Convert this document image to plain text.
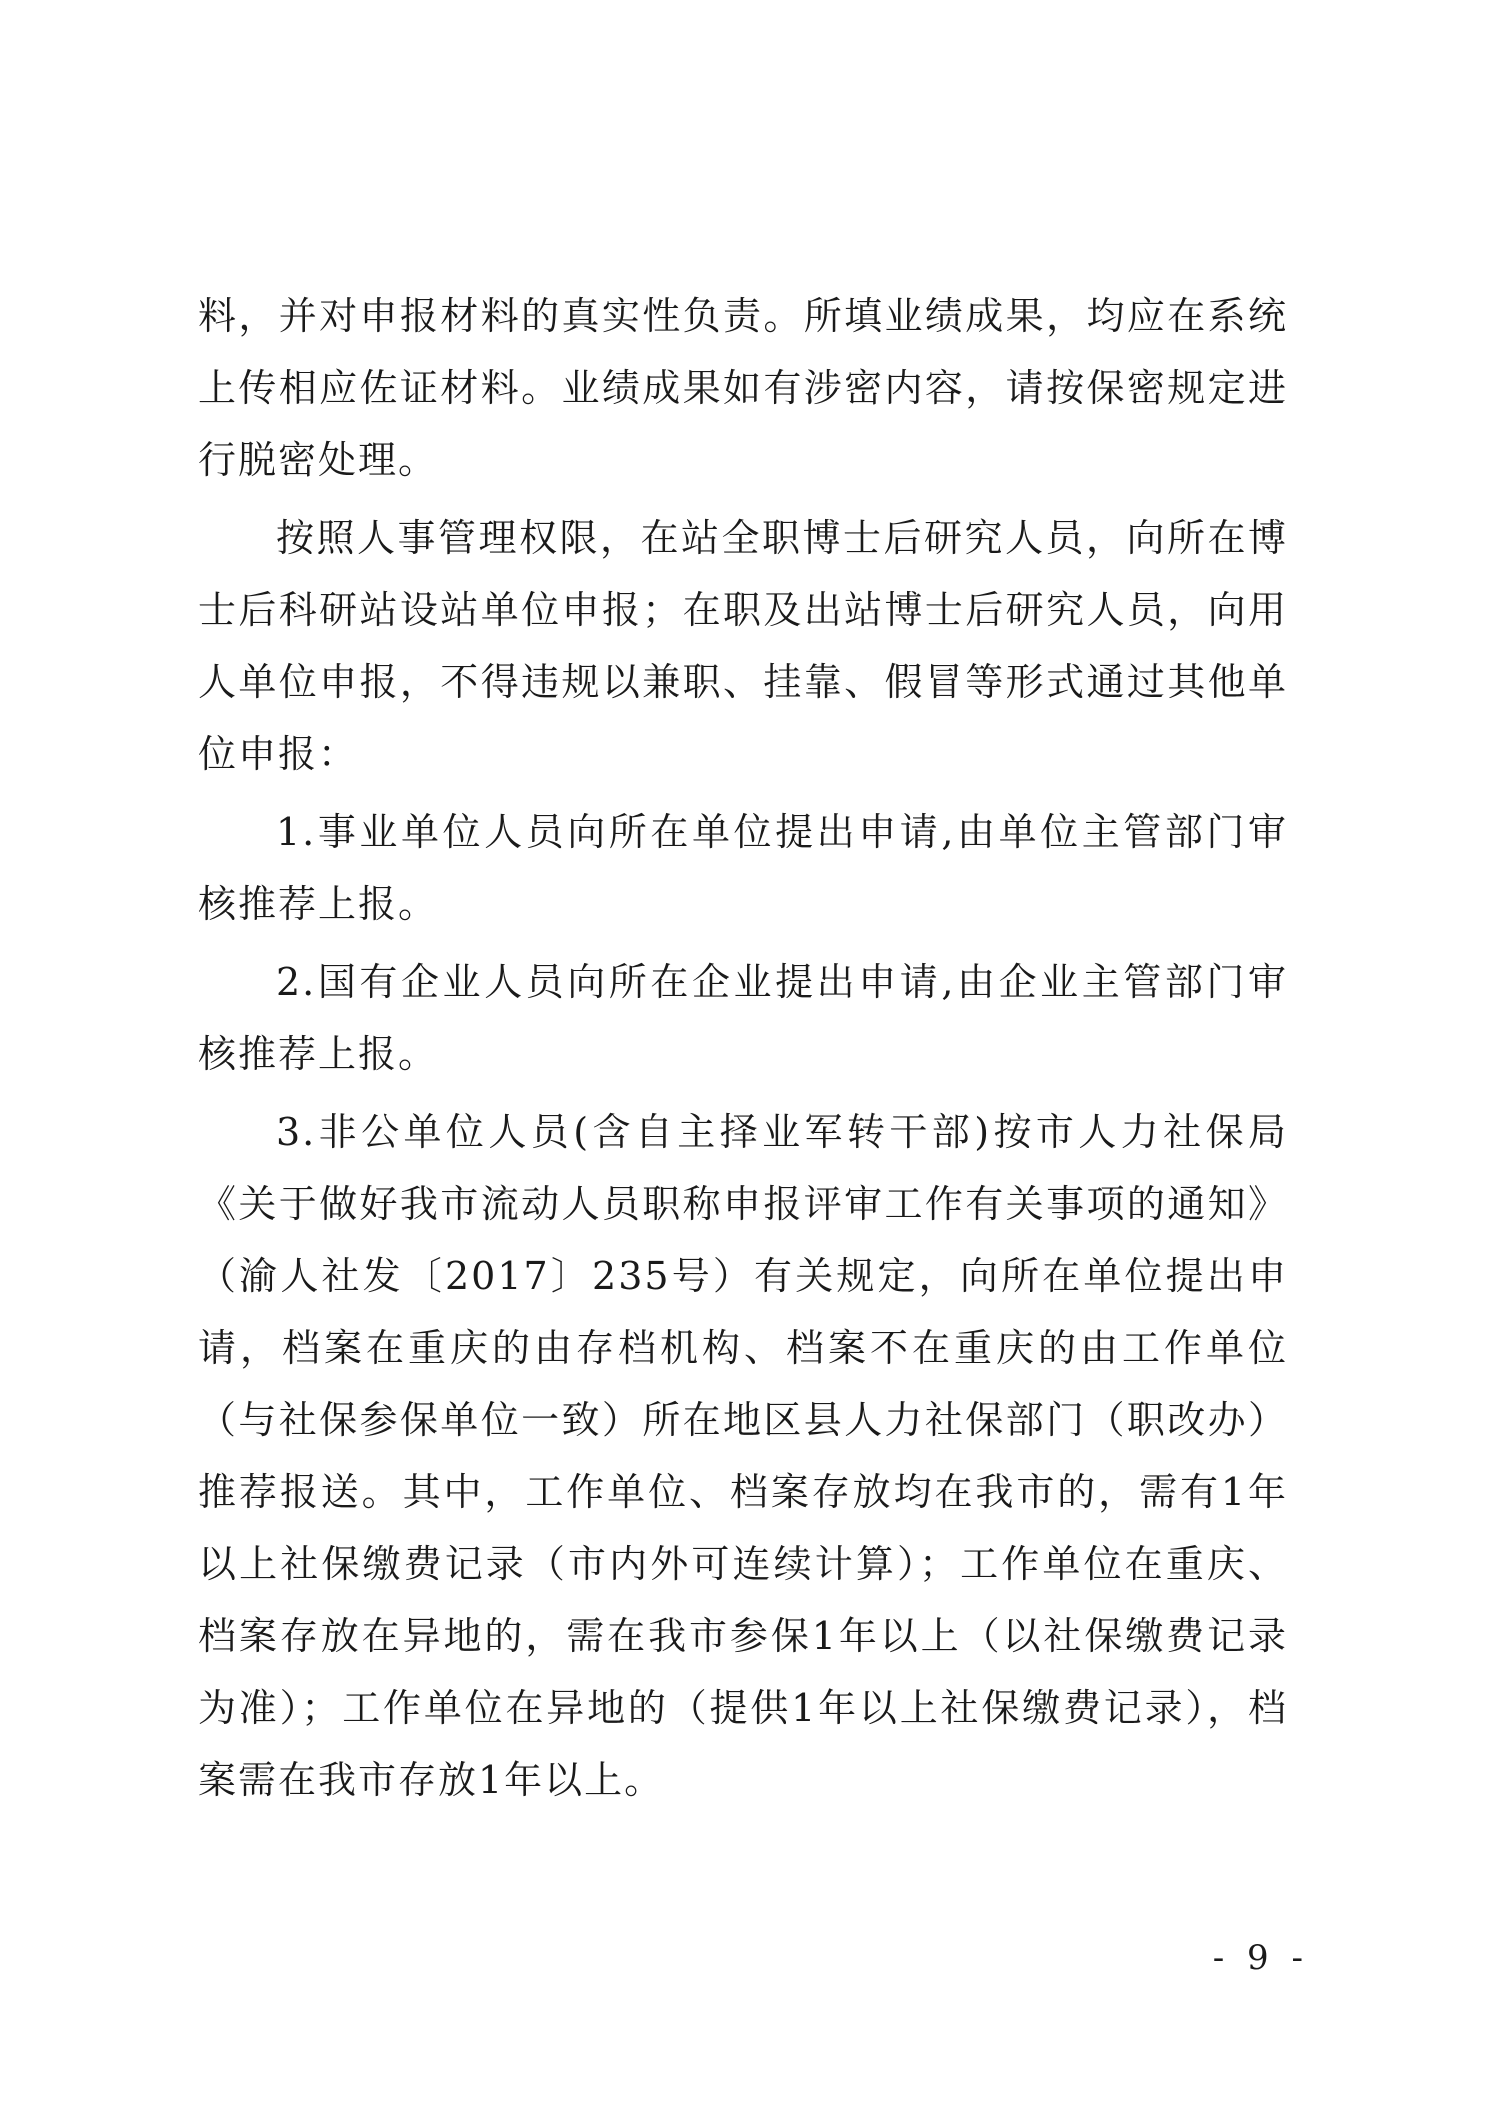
料，并对申报材料的真实性负责。所填业绩成果，均应在系统上传相应佐证材料。业绩成果如有涉密内容，请按保密规定进行脱密处理。

按照人事管理权限，在站全职博士后研究人员，向所在博士后科研站设站单位申报；在职及出站博士后研究人员，向用人单位申报，不得违规以兼职、挂靠、假冒等形式通过其他单位申报：

1.事业单位人员向所在单位提出申请,由单位主管部门审核推荐上报。

2.国有企业人员向所在企业提出申请,由企业主管部门审核推荐上报。

3.非公单位人员(含自主择业军转干部)按市人力社保局《关于做好我市流动人员职称申报评审工作有关事项的通知》（渝人社发〔2017〕235号）有关规定，向所在单位提出申请，档案在重庆的由存档机构、档案不在重庆的由工作单位（与社保参保单位一致）所在地区县人力社保部门（职改办）推荐报送。其中，工作单位、档案存放均在我市的，需有1年以上社保缴费记录（市内外可连续计算）；工作单位在重庆、档案存放在异地的，需在我市参保1年以上（以社保缴费记录为准）；工作单位在异地的（提供1年以上社保缴费记录），档案需在我市存放1年以上。

- 9 -
